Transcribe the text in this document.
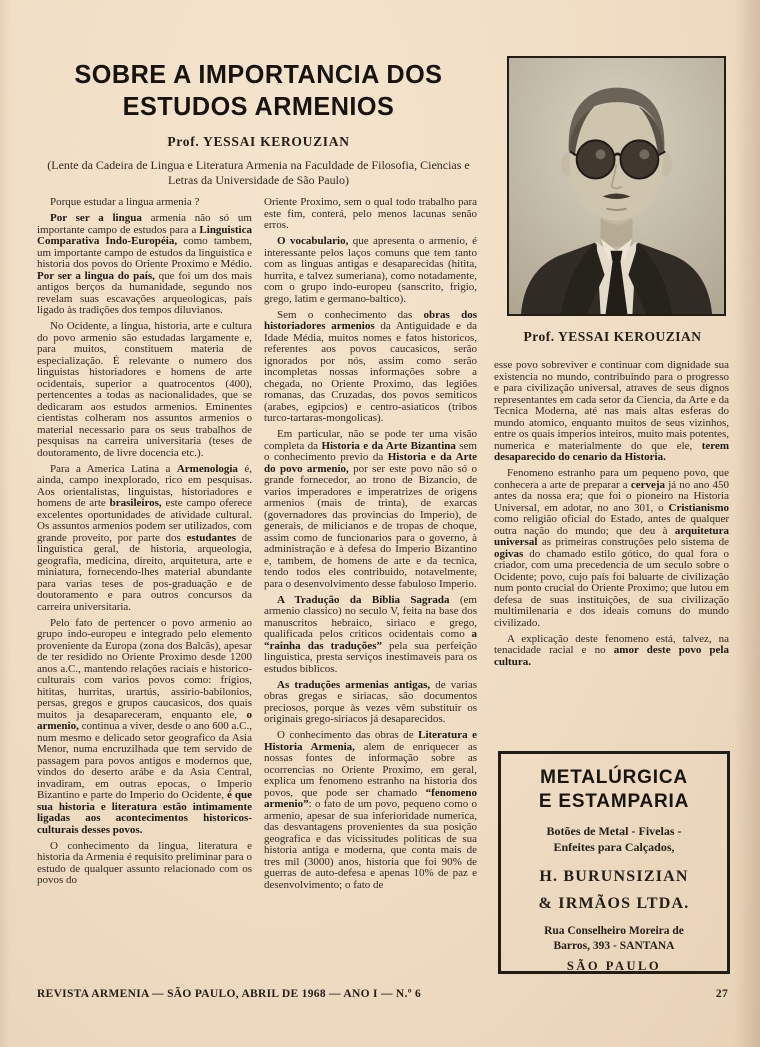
SOBRE A IMPORTANCIA DOS
ESTUDOS ARMENIOS
Prof. YESSAI KEROUZIAN
(Lente da Cadeira de Lingua e Literatura Armenia na Faculdade de Filosofia, Ciencias e Letras da Universidade de São Paulo)
Prof. YESSAI KEROUZIAN

Porque estudar a lingua armenia ?

Por ser a lingua armenia não só um importante campo de estudos para a Linguistica Comparativa Indo-Européia, como tambem, um importante campo de estudos da linguistica e historia dos povos do Oriente Proximo e Médio. Por ser a lingua do país, que foi um dos mais antigos berços da humanidade, segundo nos revelam suas escavações arqueologicas, país ligado às tradições dos tempos diluvianos.

No Ocidente, a lingua, historia, arte e cultura do povo armenio são estudadas largamente e, para muitos, constituem materia de especialização. É relevante o numero dos linguistas historiadores e homens de arte ocidentais, superior a quatrocentos (400), pertencentes a todas as nacionalidades, que se dedicaram aos estudos armenios. Eminentes cientistas colheram nos assuntos armenios o material necessario para os seus trabalhos de pesquisas na carreira universitaria (teses de doutoramento, de livre docencia etc.).

Para a America Latina a Armenologia é, ainda, campo inexplorado, rico em pesquisas. Aos orientalistas, linguistas, historiadores e homens de arte brasileiros, este campo oferece excelentes oportunidades de atividade cultural. Os assuntos armenios podem ser utilizados, com grande proveito, por parte dos estudantes de linguistica geral, de historia, arqueologia, geografia, medicina, direito, arquitetura, arte e miniatura, fornecendo-lhes material abundante para varias teses de pos-graduação e de doutoramento e para outros concursos da carreira universitaria.

Pelo fato de pertencer o povo armenio ao grupo indo-europeu e integrado pelo elemento proveniente da Europa (zona dos Balcãs), apesar de ter residido no Oriente Proximo desde 1200 anos a.C., mantendo relações raciais e historico-culturais com varios povos como: frígios, hititas, hurritas, urartús, assirio-babilonios, persas, gregos e grupos caucasicos, dos quais muitos ja desapareceram, enquanto ele, o armenio, continua a viver, desde o ano 600 a.C., num mesmo e delicado setor geografico da Asia Menor, numa encruzilhada que tem servido de passagem para povos antigos e modernos que, vindos do deserto arábe e da Asia Central, invadiram, em outras epocas, o Imperio Bizantino e parte do Imperio do Ocidente, é que sua historia e literatura estão intimamente ligadas aos acontecimentos historicos-culturais desses povos.

O conhecimento da lingua, literatura e historia da Armenia é requisito preliminar para o estudo de qualquer assunto relacionado com os povos do

Oriente Proximo, sem o qual todo trabalho para este fim, conterá, pelo menos lacunas senão erros.

O vocabulario, que apresenta o armenio, é interessante pelos laços comuns que tem tanto com as linguas antigas e desaparecidas (hitita, hurrita, e talvez sumeriana), como notadamente, com o grupo indo-europeu (sanscrito, frigio, grego, latim e germano-baltico).

Sem o conhecimento das obras dos historiadores armenios da Antiguidade e da Idade Média, muitos nomes e fatos historicos, referentes aos povos caucasicos, serão ignorados por nós, assim como serão incompletas nossas informações sobre a chegada, no Oriente Proximo, das legiões romanas, das Cruzadas, dos povos semiticos (arabes, egipcios) e centro-asiaticos (tribos turco-tartaras-mongolicas).

Em particular, não se pode ter uma visão completa da Historia e da Arte Bizantina sem o conhecimento previo da Historia e da Arte do povo armenio, por ser este povo não só o grande fornecedor, ao trono de Bizancio, de varios imperadores e imperatrizes de origens armenios (mais de trinta), de exarcas (governadores das provincias do Imperio), de generais, de milicianos e de tropas de choque, assim como de funcionarios para o governo, à administração e à defesa do Imperio Bizantino e, tambem, de homens de arte e da tecnica, tendo todos eles contribuido, notavelmente, para o desenvolvimento desse fabuloso Imperio.

A Tradução da Biblia Sagrada (em armenio classico) no seculo V, feita na base dos manuscritos hebraico, siriaco e grego, qualificada pelos criticos ocidentais como a “rainha das traduções” pela sua perfeição linguistica, presta serviços inestimaveis para os estudos biblicos.

As traduções armenias antigas, de varias obras gregas e siriacas, são documentos preciosos, porque às vezes vêm substituir os originais grego-siríacos já desaparecidos.

O conhecimento das obras de Literatura e Historia Armenia, alem de enriquecer as nossas fontes de informação sobre as ocorrencias no Oriente Proximo, em geral, explica um fenomeno estranho na historia dos povos, que pode ser chamado “fenomeno armenio”: o fato de um povo, pequeno como o armenio, apesar de sua inferioridade numerica, das desvantagens provenientes da sua posição geografica e das vicissitudes politicas de sua historia antiga e moderna, que conta mais de tres mil (3000) anos, historia que foi 90% de guerras de auto-defesa e apenas 10% de paz e desenvolvimento; o fato de

esse povo sobreviver e continuar com dignidade sua existencia no mundo, contribuindo para o progresso e para civilização universal, atraves de seus dignos representantes em cada setor da Ciencia, da Arte e da Tecnica Moderna, até nas mais altas esferas do mundo atomico, enquanto muitos de seus vizinhos, entre os quais imperios inteiros, muito mais potentes, numerica e materialmente do que ele, terem desaparecido do cenario da Historia.

Fenomeno estranho para um pequeno povo, que conhecera a arte de preparar a cerveja já no ano 450 antes da nossa era; que foi o pioneiro na Historia Universal, em adotar, no ano 301, o Cristianismo como religião oficial do Estado, antes de qualquer outra nação do mundo; que deu à arquitetura universal as primeiras construções pelo sistema de ogivas do chamado estilo gótico, do qual fora o criador, com uma precedencia de um seculo sobre o Ocidente; povo, cujo país foi baluarte de civilização num ponto crucial do Oriente Proximo; que lutou em defesa de suas instituições, de sua civilização multimilenaria e dos ideais comuns do mundo civilizado.

A explicação deste fenomeno está, talvez, na tenacidade racial e no amor deste povo pela cultura.

METALÚRGICA
E ESTAMPARIA
Botões de Metal - Fivelas -
Enfeites para Calçados,
H. BURUNSIZIAN
& IRMÃOS LTDA.
Rua Conselheiro Moreira de
Barros, 393 - SANTANA
SÃO PAULO
REVISTA ARMENIA — SÃO PAULO, ABRIL DE 1968 — ANO I — N.º 6	27
